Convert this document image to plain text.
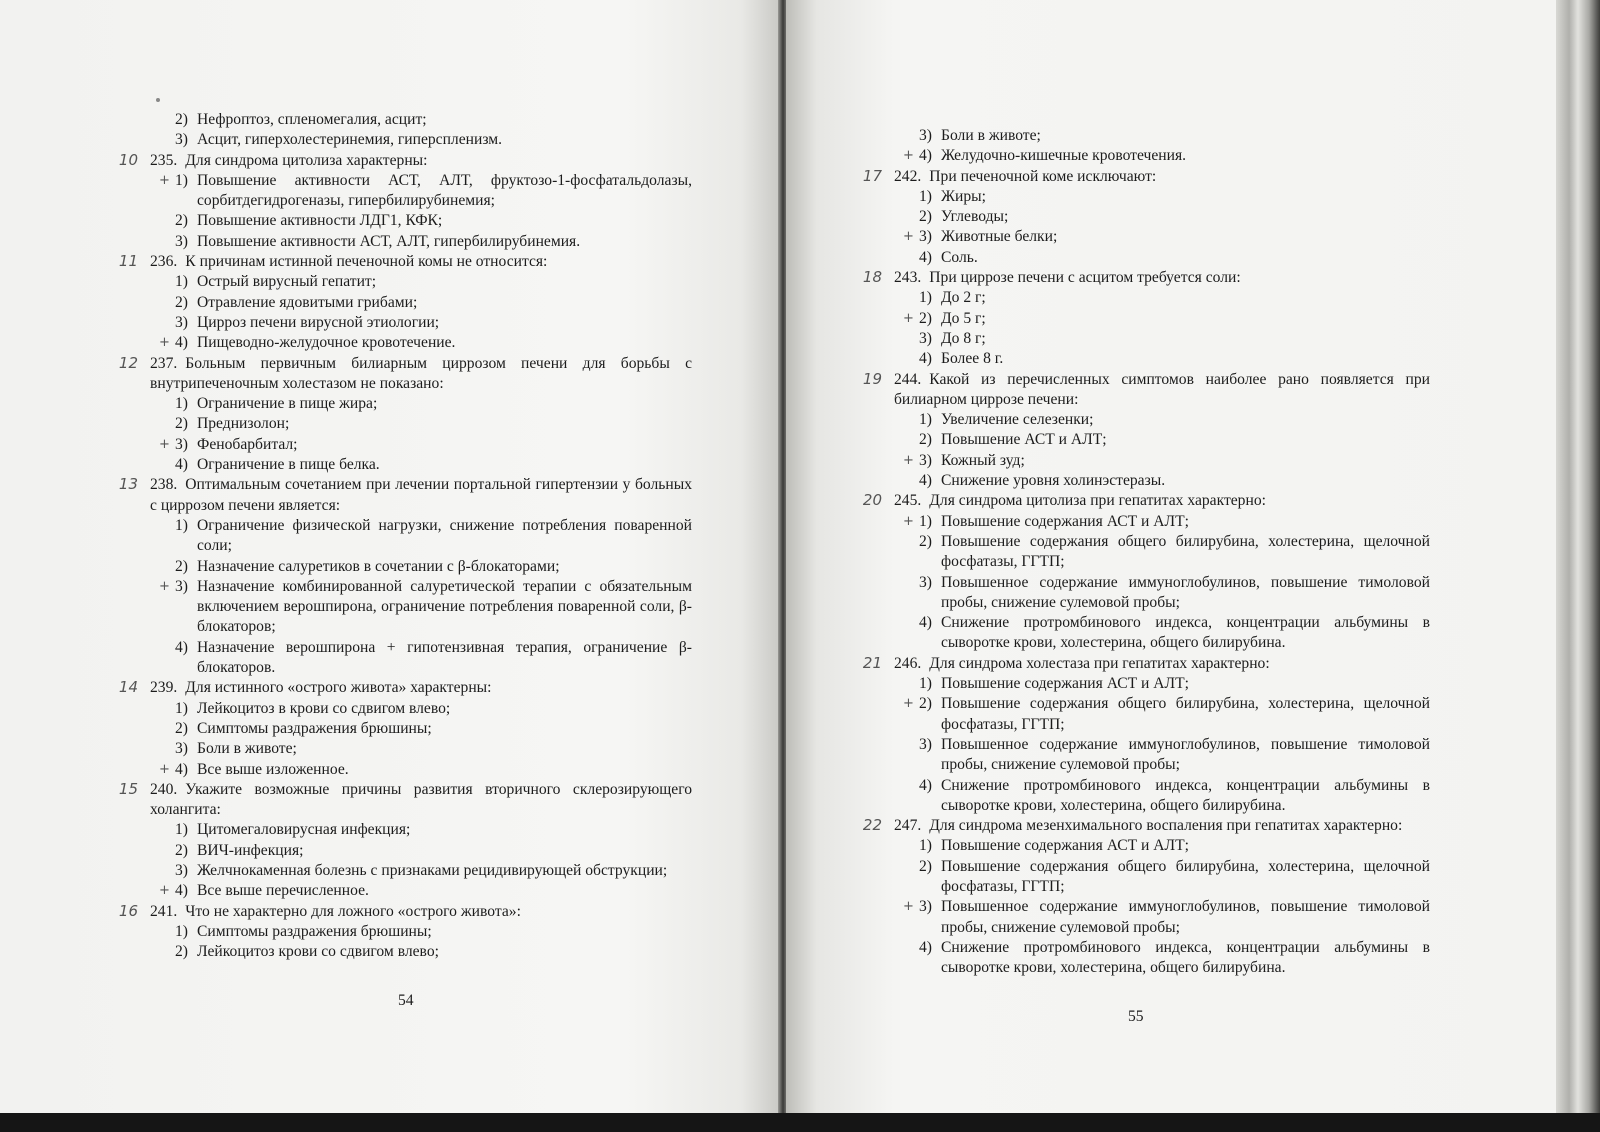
2) Нефроптоз, спленомегалия, асцит;
3) Асцит, гиперхолестеринемия, гиперспленизм.
10 235. Для синдрома цитолиза характерны:
+ 1) Повышение активности АСТ, АЛТ, фруктозо-1-фосфатальдолазы, сорбитдегидрогеназы, гипербилирубинемия;
2) Повышение активности ЛДГ1, КФК;
3) Повышение активности АСТ, АЛТ, гипербилирубинемия.
11 236. К причинам истинной печеночной комы не относится:
1) Острый вирусный гепатит;
2) Отравление ядовитыми грибами;
3) Цирроз печени вирусной этиологии;
+ 4) Пищеводно-желудочное кровотечение.
12 237. Больным первичным билиарным циррозом печени для борьбы с внутрипеченочным холестазом не показано:
1) Ограничение в пище жира;
2) Преднизолон;
+ 3) Фенобарбитал;
4) Ограничение в пище белка.
13 238. Оптимальным сочетанием при лечении портальной гипертензии у больных с циррозом печени является:
1) Ограничение физической нагрузки, снижение потребления поваренной соли;
2) Назначение салуретиков в сочетании с β-блокаторами;
+ 3) Назначение комбинированной салуретической терапии с обязательным включением верошпирона, ограничение потребления поваренной соли, β-блокаторов;
4) Назначение верошпирона + гипотензивная терапия, ограничение β-блокаторов.
14 239. Для истинного «острого живота» характерны:
1) Лейкоцитоз в крови со сдвигом влево;
2) Симптомы раздражения брюшины;
3) Боли в животе;
+ 4) Все выше изложенное.
15 240. Укажите возможные причины развития вторичного склерозирующего холангита:
1) Цитомегаловирусная инфекция;
2) ВИЧ-инфекция;
3) Желчнокаменная болезнь с признаками рецидивирующей обструкции;
+ 4) Все выше перечисленное.
16 241. Что не характерно для ложного «острого живота»:
1) Симптомы раздражения брюшины;
2) Лейкоцитоз крови со сдвигом влево;
54
3) Боли в животе;
+ 4) Желудочно-кишечные кровотечения.
17 242. При печеночной коме исключают:
1) Жиры;
2) Углеводы;
+ 3) Животные белки;
4) Соль.
18 243. При циррозе печени с асцитом требуется соли:
1) До 2 г;
+ 2) До 5 г;
3) До 8 г;
4) Более 8 г.
19 244. Какой из перечисленных симптомов наиболее рано появляется при билиарном циррозе печени:
1) Увеличение селезенки;
2) Повышение АСТ и АЛТ;
+ 3) Кожный зуд;
4) Снижение уровня холинэстеразы.
20 245. Для синдрома цитолиза при гепатитах характерно:
+ 1) Повышение содержания АСТ и АЛТ;
2) Повышение содержания общего билирубина, холестерина, щелочной фосфатазы, ГГТП;
3) Повышенное содержание иммуноглобулинов, повышение тимоловой пробы, снижение сулемовой пробы;
4) Снижение протромбинового индекса, концентрации альбумины в сыворотке крови, холестерина, общего билирубина.
21 246. Для синдрома холестаза при гепатитах характерно:
1) Повышение содержания АСТ и АЛТ;
+ 2) Повышение содержания общего билирубина, холестерина, щелочной фосфатазы, ГГТП;
3) Повышенное содержание иммуноглобулинов, повышение тимоловой пробы, снижение сулемовой пробы;
4) Снижение протромбинового индекса, концентрации альбумины в сыворотке крови, холестерина, общего билирубина.
22 247. Для синдрома мезенхимального воспаления при гепатитах характерно:
1) Повышение содержания АСТ и АЛТ;
2) Повышение содержания общего билирубина, холестерина, щелочной фосфатазы, ГГТП;
+ 3) Повышенное содержание иммуноглобулинов, повышение тимоловой пробы, снижение сулемовой пробы;
4) Снижение протромбинового индекса, концентрации альбумины в сыворотке крови, холестерина, общего билирубина.
55
